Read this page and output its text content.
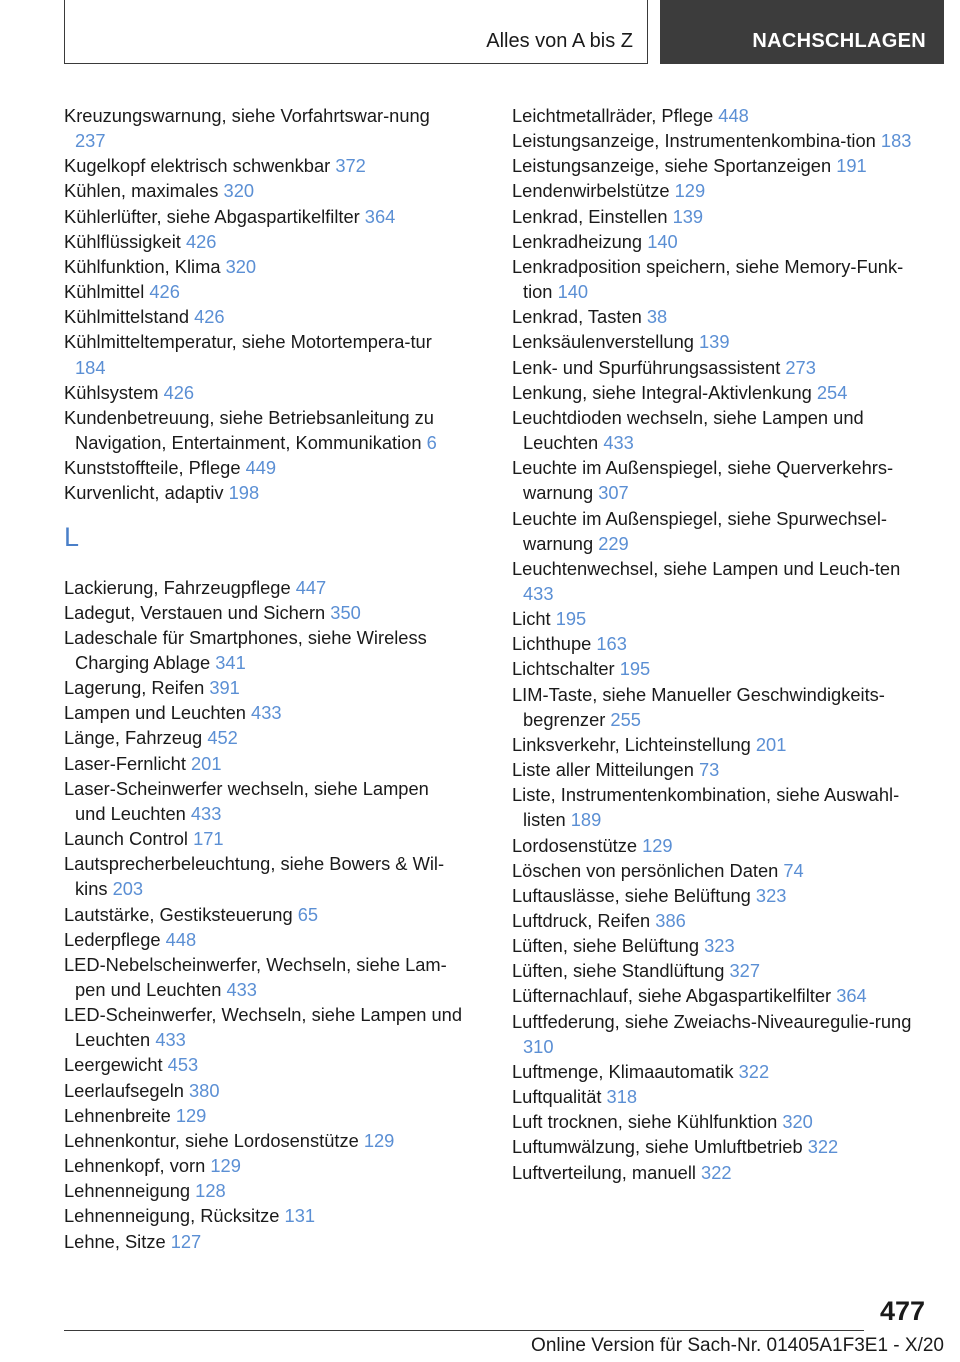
Alles von A bis Z	NACHSCHLAGEN
Kreuzungswarnung, siehe Vorfahrtswar-nung 237
Kugelkopf elektrisch schwenkbar 372
Kühlen, maximales 320
Kühlerlüfter, siehe Abgaspartikelfilter 364
Kühlflüssigkeit 426
Kühlfunktion, Klima 320
Kühlmittel 426
Kühlmittelstand 426
Kühlmitteltemperatur, siehe Motortempera-tur 184
Kühlsystem 426
Kundenbetreuung, siehe Betriebsanleitung zu Navigation, Entertainment, Kommunikation 6
Kunststoffteile, Pflege 449
Kurvenlicht, adaptiv 198
L
Lackierung, Fahrzeugpflege 447
Ladegut, Verstauen und Sichern 350
Ladeschale für Smartphones, siehe Wireless Charging Ablage 341
Lagerung, Reifen 391
Lampen und Leuchten 433
Länge, Fahrzeug 452
Laser-Fernlicht 201
Laser-Scheinwerfer wechseln, siehe Lampen und Leuchten 433
Launch Control 171
Lautsprecherbeleuchtung, siehe Bowers & Wil-kins 203
Lautstärke, Gestiksteuerung 65
Lederpflege 448
LED-Nebelscheinwerfer, Wechseln, siehe Lam-pen und Leuchten 433
LED-Scheinwerfer, Wechseln, siehe Lampen und Leuchten 433
Leergewicht 453
Leerlaufsegeln 380
Lehnenbreite 129
Lehnenkontur, siehe Lordosenstütze 129
Lehnenkopf, vorn 129
Lehnenneigung 128
Lehnenneigung, Rücksitze 131
Lehne, Sitze 127
Leichtmetallräder, Pflege 448
Leistungsanzeige, Instrumentenkombina-tion 183
Leistungsanzeige, siehe Sportanzeigen 191
Lendenwirbelstütze 129
Lenkrad, Einstellen 139
Lenkradheizung 140
Lenkradposition speichern, siehe Memory-Funk-tion 140
Lenkrad, Tasten 38
Lenksäulenverstellung 139
Lenk- und Spurführungsassistent 273
Lenkung, siehe Integral-Aktivlenkung 254
Leuchtdioden wechseln, siehe Lampen und Leuchten 433
Leuchte im Außenspiegel, siehe Querverkehrs-warnung 307
Leuchte im Außenspiegel, siehe Spurwechsel-warnung 229
Leuchtenwechsel, siehe Lampen und Leuch-ten 433
Licht 195
Lichthupe 163
Lichtschalter 195
LIM-Taste, siehe Manueller Geschwindigkeits-begrenzer 255
Linksverkehr, Lichteinstellung 201
Liste aller Mitteilungen 73
Liste, Instrumentenkombination, siehe Auswahl-listen 189
Lordosenstütze 129
Löschen von persönlichen Daten 74
Luftauslässe, siehe Belüftung 323
Luftdruck, Reifen 386
Lüften, siehe Belüftung 323
Lüften, siehe Standlüftung 327
Lüfternachlauf, siehe Abgaspartikelfilter 364
Luftfederung, siehe Zweiachs-Niveauregulie-rung 310
Luftmenge, Klimaautomatik 322
Luftqualität 318
Luft trocknen, siehe Kühlfunktion 320
Luftumwälzung, siehe Umluftbetrieb 322
Luftverteilung, manuell 322
477
Online Version für Sach-Nr. 01405A1F3E1 - X/20
